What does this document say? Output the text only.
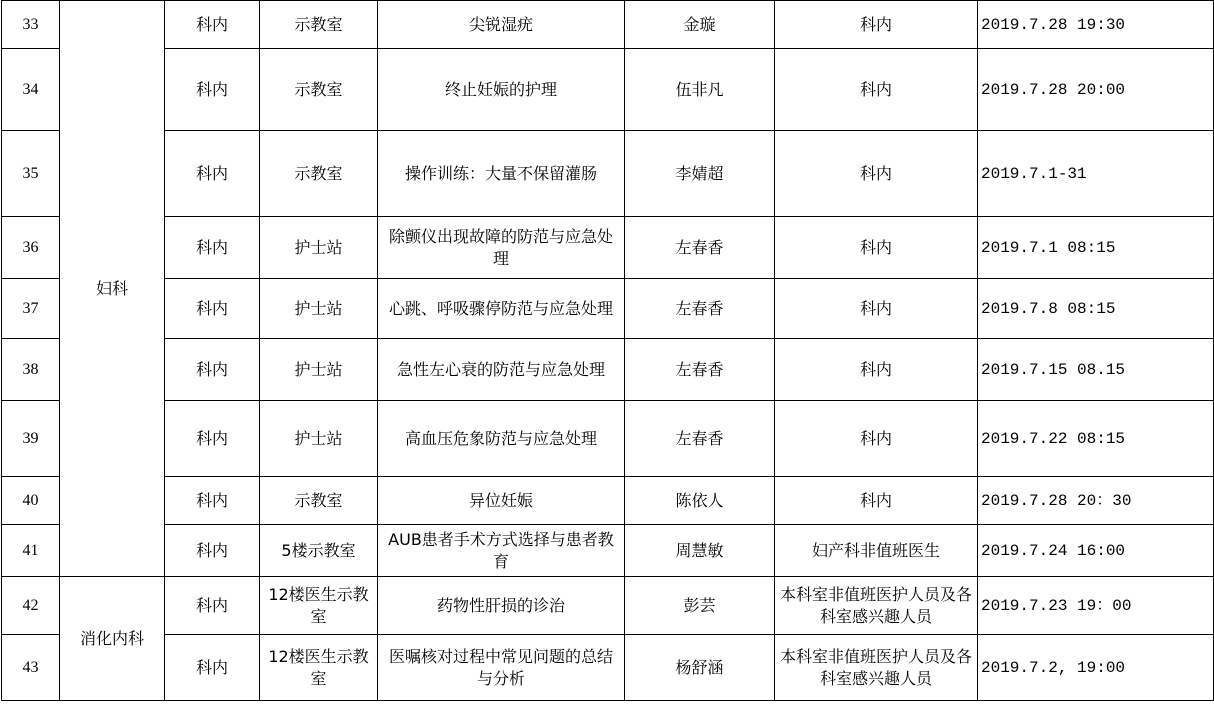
33	妇科	科内	示教室	尖锐湿疣	金璇	科内	2019.7.28 19:30
34		科内	示教室	终止妊娠的护理	伍非凡	科内	2019.7.28 20:00
35		科内	示教室	操作训练：大量不保留灌肠	李婧超	科内	2019.7.1-31
36		科内	护士站	除颤仪出现故障的防范与应急处理	左春香	科内	2019.7.1 08:15
37		科内	护士站	心跳、呼吸骤停防范与应急处理	左春香	科内	2019.7.8 08:15
38		科内	护士站	急性左心衰的防范与应急处理	左春香	科内	2019.7.15 08.15
39		科内	护士站	高血压危象防范与应急处理	左春香	科内	2019.7.22 08:15
40		科内	示教室	异位妊娠	陈依人	科内	2019.7.28 20：30
41		科内	5楼示教室	AUB患者手术方式选择与患者教育	周慧敏	妇产科非值班医生	2019.7.24 16:00
42	消化内科	科内	12楼医生示教室	药物性肝损的诊治	彭芸	本科室非值班医护人员及各科室感兴趣人员	2019.7.23 19：00
43		科内	12楼医生示教室	医嘱核对过程中常见问题的总结与分析	杨舒涵	本科室非值班医护人员及各科室感兴趣人员	2019.7.2, 19:00
